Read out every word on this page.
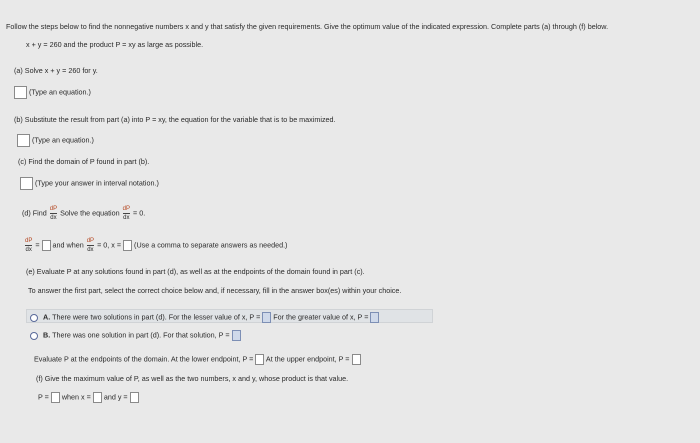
Follow the steps below to find the nonnegative numbers x and y that satisfy the given requirements. Give the optimum value of the indicated expression. Complete parts (a) through (f) below.
x + y = 260 and the product P = xy as large as possible.
(a) Solve x + y = 260 for y.
(Type an equation.)
(b) Substitute the result from part (a) into P = xy, the equation for the variable that is to be maximized.
(Type an equation.)
(c) Find the domain of P found in part (b).
(Type your answer in interval notation.)
(d) Find $\frac{dP}{dx}$ Solve the equation $\frac{dP}{dx} = 0$.
$\frac{dP}{dx}$ = and when $\frac{dP}{dx} = 0$, x = (Use a comma to separate answers as needed.)
(e) Evaluate P at any solutions found in part (d), as well as at the endpoints of the domain found in part (c).
To answer the first part, select the correct choice below and, if necessary, fill in the answer box(es) within your choice.
A. There were two solutions in part (d). For the lesser value of x, P = For the greater value of x, P =
B. There was one solution in part (d). For that solution, P =
Evaluate P at the endpoints of the domain. At the lower endpoint, P = At the upper endpoint, P =
(f) Give the maximum value of P, as well as the two numbers, x and y, whose product is that value.
P = when x = and y =
